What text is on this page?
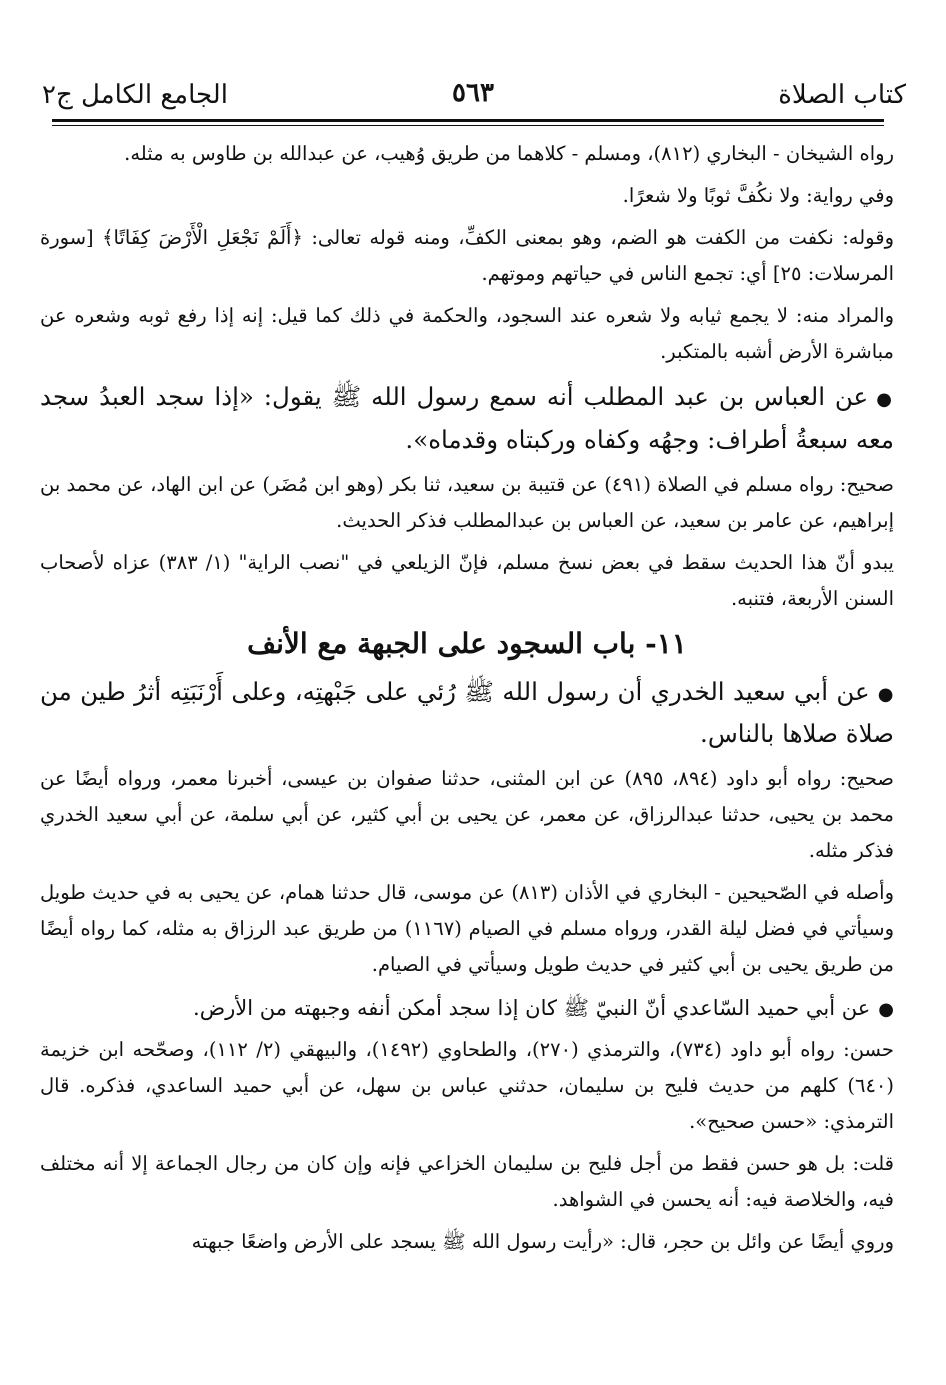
كتاب الصلاة
٥٦٣
الجامع الكامل ج٢

رواه الشيخان - البخاري (٨١٢)، ومسلم - كلاهما من طريق وُهيب، عن عبدالله بن طاوس به مثله.

وفي رواية: ولا نكُفَّ ثوبًا ولا شعرًا.

وقوله: نكفت من الكفت هو الضم، وهو بمعنى الكفِّ، ومنه قوله تعالى: ﴿أَلَمْ نَجْعَلِ الْأَرْضَ كِفَاتًا﴾ [سورة المرسلات: ٢٥] أي: تجمع الناس في حياتهم وموتهم.

والمراد منه: لا يجمع ثيابه ولا شعره عند السجود، والحكمة في ذلك كما قيل: إنه إذا رفع ثوبه وشعره عن مباشرة الأرض أشبه بالمتكبر.

●عن العباس بن عبد المطلب أنه سمع رسول الله ﷺ يقول: «إذا سجد العبدُ سجد معه سبعةُ أطراف: وجهُه وكفاه وركبتاه وقدماه».

صحيح: رواه مسلم في الصلاة (٤٩١) عن قتيبة بن سعيد، ثنا بكر (وهو ابن مُضَر) عن ابن الهاد، عن محمد بن إبراهيم، عن عامر بن سعيد، عن العباس بن عبدالمطلب فذكر الحديث.

يبدو أنّ هذا الحديث سقط في بعض نسخ مسلم، فإنّ الزيلعي في "نصب الراية" (١/ ٣٨٣) عزاه لأصحاب السنن الأربعة، فتنبه.

١١- باب السجود على الجبهة مع الأنف

●عن أبي سعيد الخدري أن رسول الله ﷺ رُئي على جَبْهتِه، وعلى أَرْنَبَتِه أثرُ طين من صلاة صلاها بالناس.

صحيح: رواه أبو داود (٨٩٤، ٨٩٥) عن ابن المثنى، حدثنا صفوان بن عيسى، أخبرنا معمر، ورواه أيضًا عن محمد بن يحيى، حدثنا عبدالرزاق، عن معمر، عن يحيى بن أبي كثير، عن أبي سلمة، عن أبي سعيد الخدري فذكر مثله.

وأصله في الصّحيحين - البخاري في الأذان (٨١٣) عن موسى، قال حدثنا همام، عن يحيى به في حديث طويل وسيأتي في فضل ليلة القدر، ورواه مسلم في الصيام (١١٦٧) من طريق عبد الرزاق به مثله، كما رواه أيضًا من طريق يحيى بن أبي كثير في حديث طويل وسيأتي في الصيام.

●عن أبي حميد السّاعدي أنّ النبيّ ﷺ كان إذا سجد أمكن أنفه وجبهته من الأرض.

حسن: رواه أبو داود (٧٣٤)، والترمذي (٢٧٠)، والطحاوي (١٤٩٢)، والبيهقي (٢/ ١١٢)، وصحّحه ابن خزيمة (٦٤٠) كلهم من حديث فليح بن سليمان، حدثني عباس بن سهل، عن أبي حميد الساعدي، فذكره. قال الترمذي: «حسن صحيح».

قلت: بل هو حسن فقط من أجل فليح بن سليمان الخزاعي فإنه وإن كان من رجال الجماعة إلا أنه مختلف فيه، والخلاصة فيه: أنه يحسن في الشواهد.

وروي أيضًا عن وائل بن حجر، قال: «رأيت رسول الله ﷺ يسجد على الأرض واضعًا جبهته
